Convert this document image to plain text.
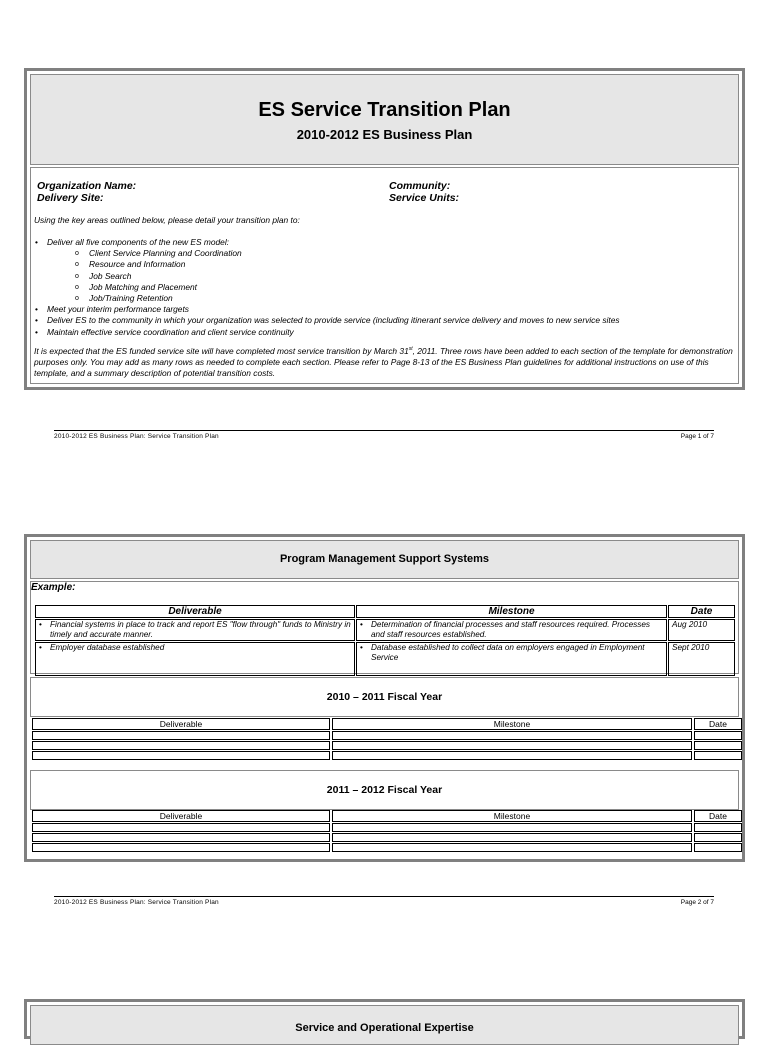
ES Service Transition Plan
2010-2012 ES Business Plan
Organization Name:
Delivery Site:
Community:
Service Units:
Using the key areas outlined below, please detail your transition plan to:
• Deliver all five components of the new ES model:
o Client Service Planning and Coordination
o Resource and Information
o Job Search
o Job Matching and Placement
o Job/Training Retention
• Meet your interim performance targets
• Deliver ES to the community in which your organization was selected to provide service (including itinerant service delivery and moves to new service sites
• Maintain effective service coordination and client service continuity
It is expected that the ES funded service site will have completed most service transition by March 31st, 2011. Three rows have been added to each section of the template for demonstration purposes only. You may add as many rows as needed to complete each section. Please refer to Page 8-13 of the ES Business Plan guidelines for additional instructions on use of this template, and a summary description of potential transition costs.
2010-2012 ES Business Plan: Service Transition Plan	Page 1 of 7
Program Management Support Systems
Example:
Deliverable	Milestone	Date

• Financial systems in place to track and report ES "flow through" funds to Ministry in timely and accurate manner.	• Determination of financial processes and staff resources required. Processes and staff resources established.	Aug 2010

• Employer database established	• Database established to collect data on employers engaged in Employment Service	Sept 2010
2010 – 2011 Fiscal Year
Deliverable	Milestone	Date

2011 – 2012 Fiscal Year
Deliverable	Milestone	Date

2010-2012 ES Business Plan: Service Transition Plan	Page 2 of 7
Service and Operational Expertise
